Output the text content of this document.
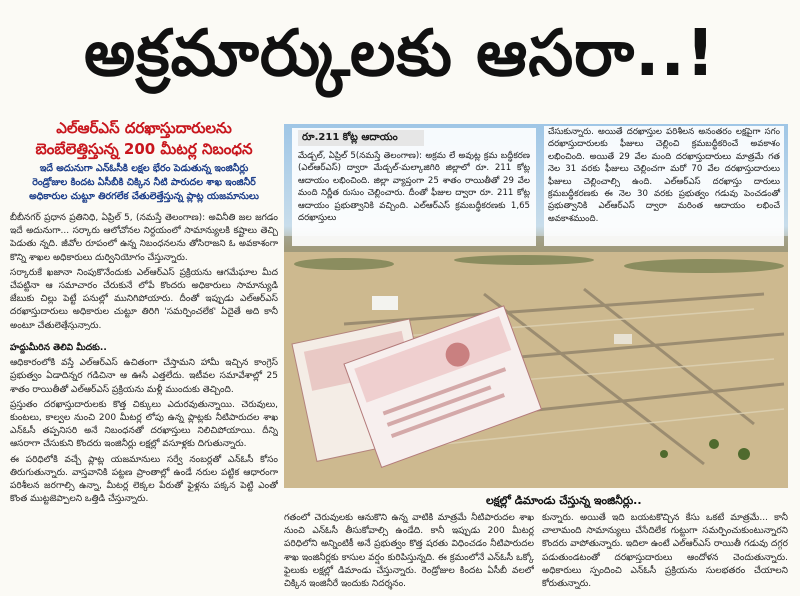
అక్రమార్కులకు ఆసరా..!
ఎల్ఆర్ఎస్ దరఖాస్తుదారులను
బెంబేలెత్తిస్తున్న 200 మీటర్ల నిబంధన
ఇదే అదునుగా ఎన్ఓసీకి లక్షల భేరం పెడుతున్న ఇంజినీర్లు
రెండ్రోజుల కిందట ఏసీబీకి చిక్కిన నీటి పారుదల శాఖ ఇంజినీర్
అధికారుల చుట్టూ తిరగలేక చేతులెత్తేస్తున్న ప్లాట్ల యజమానులు

బీబీనగర్ ప్రధాన ప్రతినిధి, ఏప్రిల్ 5, (నమస్తే తెలంగాణ): అవినీతి జల జగడం ఇదే అదునుగా... సర్కారు ఆలోచోనల నిర్దయంలో సామాన్యులకి కష్టాలు తెచ్చి పెడుతు న్నది. జీవోల రూపంలో ఉన్న నిబంధనలను తోసిరాజని ఓ అవకాశంగా కొన్ని శాఖల అధికారులు దుర్వినియోగం చేస్తున్నారు.

సర్కారుకే ఖజానా నింపుకొనేందుకు ఎల్ఆర్ఎస్ ప్రక్రియను ఆగమేఘాల మీద చేపట్టినా ఆ సమాచారం చేరుకునే లోపే కొందరు అధికారులు సామాన్యుడి జేబుకు చిల్లు పెట్టే పనుల్లో మునిగిపోయారు. దీంతో ఇప్పుడు ఎల్ఆర్ఎస్ దరఖాస్తుదారులు అధికారుల చుట్టూ తిరిగి 'సమర్పించలేక' ఏదైతే అది కానీ అంటూ చేతులెత్తేస్తున్నారు.

హద్దుమీరిన తెలివి మీదకు..

ఆధికారంలోకి వస్తే ఎల్ఆర్ఎస్ ఉచితంగా చేస్తామని హామీ ఇచ్చిన కాంగ్రెస్ ప్రభుత్వం ఏడాదిన్నర గడిచినా ఆ ఊసే ఎత్తలేదు. ఇటీవల సమావేశాల్లో 25 శాతం రాయితీతో ఎల్ఆర్ఎస్ ప్రక్రియను మళ్లీ ముందుకు తెచ్చింది.

ప్రస్తుతం దరఖాస్తుదారులకు కొత్త చిక్కులు ఎదురవుతున్నాయి. చెరువులు, కుంటలు, కాల్వల నుంచి 200 మీటర్ల లోపు ఉన్న ప్లాట్లకు నీటిపారుదల శాఖ ఎన్ఓసీ తప్పనిసరి అనే నిబంధనతో దరఖాస్తులు నిలిచిపోయాయి. దీన్ని ఆసరాగా చేసుకుని కొందరు ఇంజినీర్లు లక్షల్లో వసూళ్లకు దిగుతున్నారు.

ఈ పరిధిలోకి వచ్చే ప్లాట్ల యజమానులు సర్వే నంబర్లతో ఎన్ఓసీ కోసం తిరుగుతున్నారు. వాస్తవానికి పట్టణ ప్రాంతాల్లో ఉండే నరుల పట్టిక ఆధారంగా పరిశీలన జరగాల్సి ఉన్నా, మీటర్ల లెక్కల పేరుతో ఫైళ్లను పక్కన పెట్టి ఎంతో కొంత ముట్టజెప్పాలని ఒత్తిడి చేస్తున్నారు.

రూ.211 కోట్ల ఆదాయం
మేడ్చల్, ఏప్రిల్ 5(నమస్తే తెలంగాణ): అక్రమ లే అవుట్ల క్రమ బద్ధీకరణ (ఎల్ఆర్ఎస్) ద్వారా మేడ్చల్-మల్కాజిగిరి జిల్లాలో రూ. 211 కోట్ల ఆదాయం లభించింది. జిల్లా వ్యాప్తంగా 25 శాతం రాయితీతో 29 వేల మంది నిర్ణీత రుసుం చెల్లించారు. దీంతో ఫీజుల ద్వారా రూ. 211 కోట్ల ఆదాయం ప్రభుత్వానికి వచ్చింది. ఎల్ఆర్ఎస్ క్రమబద్ధీకరణకు 1,65 దరఖాస్తులు
చేసుకున్నారు. అయితే దరఖాస్తుల పరిశీలన అనంతరం లక్షపైగా సగం దరఖాస్తుదారులకు ఫీజులు చెల్లించి క్రమబద్ధీకరించే అవకాశం లభించింది. అయితే 29 వేల మంది దరఖాస్తుదారులు మాత్రమే గత నెల 31 వరకు ఫీజులు చెల్లించగా మరో 70 వేల దరఖాస్తుదారులు ఫీజులు చెల్లించాల్సి ఉంది. ఎల్ఆర్ఎస్ దరఖాస్తు దారులు క్రమబద్ధీకరణకు ఈ నెల 30 వరకు ప్రభుత్వం గడువు పెంచడంతో ప్రభుత్వానికి ఎల్ఆర్ఎస్ ద్వారా మరింత ఆదాయం లభించే అవకాశముంది.
లక్షల్లో డిమాండు చేస్తున్న ఇంజినీర్లు..

గతంలో చెరువులకు ఆనుకొని ఉన్న వాటికి మాత్రమే నీటిపారుదల శాఖ నుంచి ఎన్ఓసీ తీసుకోవాల్సి ఉండేది. కానీ ఇప్పుడు 200 మీటర్ల పరిధిలోని అన్నింటికీ అనే ప్రభుత్వం కొత్త షరతు విధించడం నీటిపారుదల శాఖ ఇంజినీర్లకు కాసుల వర్షం కురిపిస్తున్నది. ఈ క్రమంలోనే ఎన్ఓసీ ఒక్కో ఫైలుకు లక్షల్లో డిమాండు చేస్తున్నారు. రెండ్రోజుల కిందట ఏసీబీ వలలో చిక్కిన ఇంజినీరే ఇందుకు నిదర్శనం.

కున్నారు. అయితే ఇది బయటకొచ్చిన కేసు ఒకటే మాత్రమే... కానీ చాలామంది సామాన్యులు చేసేదిలేక గుట్టుగా సమర్పించుకుంటున్నారని కొందరు వాపోతున్నారు. ఇదిలా ఉంటే ఎల్ఆర్ఎస్ రాయితీ గడువు దగ్గర పడుతుండటంతో దరఖాస్తుదారులు ఆందోళన చెందుతున్నారు. అధికారులు స్పందించి ఎన్ఓసీ ప్రక్రియను సులభతరం చేయాలని కోరుతున్నారు.
